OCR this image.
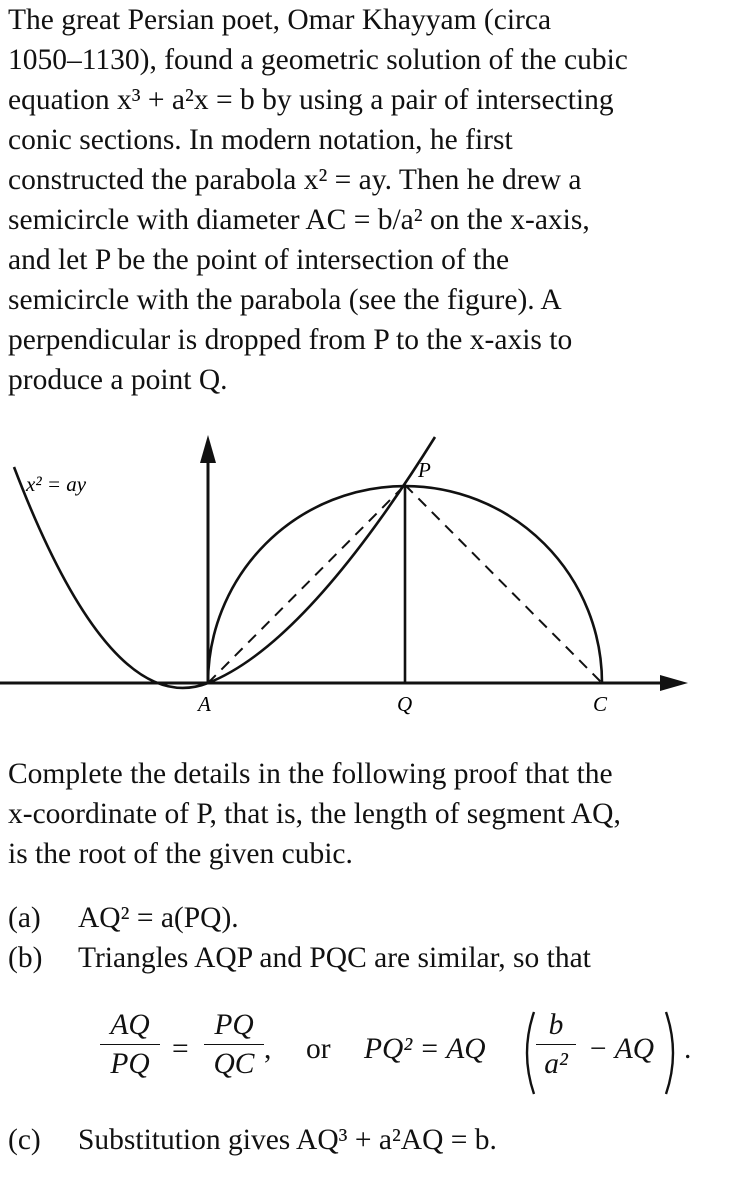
The great Persian poet, Omar Khayyam (circa
1050–1130), found a geometric solution of the cubic
equation x³ + a²x = b by using a pair of intersecting
conic sections. In modern notation, he first
constructed the parabola x² = ay. Then he drew a
semicircle with diameter AC = b/a² on the x-axis,
and let P be the point of intersection of the
semicircle with the parabola (see the figure). A
perpendicular is dropped from P to the x-axis to
produce a point Q.
x² = ay
P
A	Q	C
Complete the details in the following proof that the
x-coordinate of P, that is, the length of segment AQ,
is the root of the given cubic.
(a) AQ² = a(PQ).
(b) Triangles AQP and PQC are similar, so that
AQ
PQ =
PQ
QC , or PQ² = AQ
b
a² − AQ .
(c) Substitution gives AQ³ + a²AQ = b.
